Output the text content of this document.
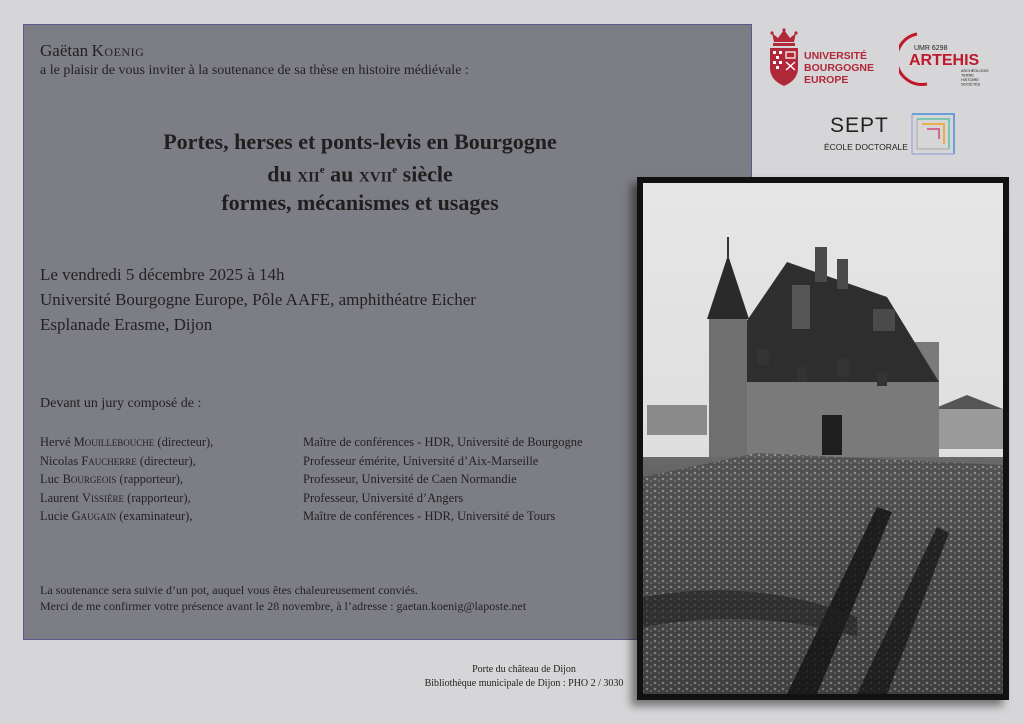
Gaëtan Koenig
a le plaisir de vous inviter à la soutenance de sa thèse en histoire médiévale :
Portes, herses et ponts-levis en Bourgogne
du xii$^e$ au xvii$^e$ siècle
formes, mécanismes et usages
Le vendredi 5 décembre 2025 à 14h
Université Bourgogne Europe, Pôle AAFE, amphithéatre Eicher
Esplanade Erasme, Dijon
Devant un jury composé de :
Hervé Mouillebouche (directeur),	Maître de conférences - HDR, Université de Bourgogne
Nicolas Faucherre (directeur),	Professeur émérite, Université d’Aix-Marseille
Luc Bourgeois (rapporteur),	Professeur, Université de Caen Normandie
Laurent Vissière (rapporteur),	Professeur, Université d’Angers
Lucie Gaugain (examinateur),	Maître de conférences - HDR, Université de Tours
La soutenance sera suivie d’un pot, auquel vous êtes chaleureusement conviés.
Merci de me confirmer votre présence avant le 28 novembre, à l’adresse : gaetan.koenig@laposte.net
UNIVERSITÉ
BOURGOGNE
EUROPE
UMR 6298
ARTEHIS
ARCHÉOLOGIE
TERRE
HISTOIRE
SOCIÉTÉS
SEPT
ÉCOLE DOCTORALE
Porte du château de Dijon
Bibliothèque municipale de Dijon : PHO 2 / 3030
